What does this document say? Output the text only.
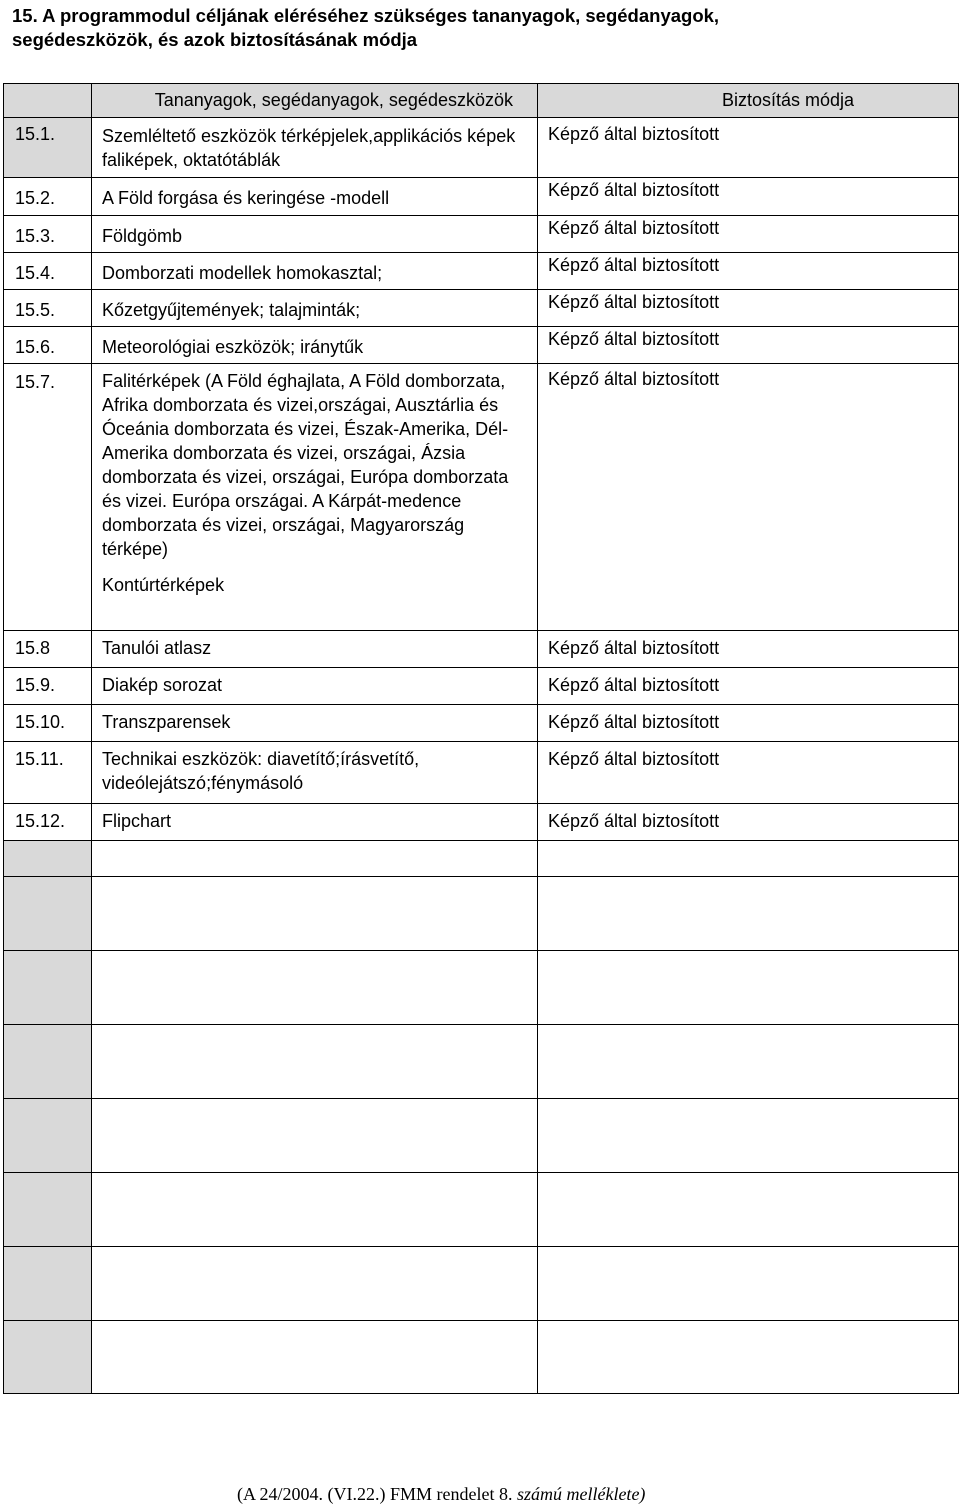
15. A programmodul céljának eléréséhez szükséges tananyagok, segédanyagok,
segédeszközök, és azok biztosításának módja
	Tananyagok, segédanyagok, segédeszközök	Biztosítás módja
15.1.	Szemléltető eszközök térképjelek,applikációs képek faliképek, oktatótáblák	Képző által biztosított
15.2.	A Föld forgása és keringése -modell	Képző által biztosított
15.3.	Földgömb	Képző által biztosított
15.4.	Domborzati modellek homokasztal;	Képző által biztosított
15.5.	Kőzetgyűjtemények; talajminták;	Képző által biztosított
15.6.	Meteorológiai eszközök; iránytűk	Képző által biztosított
15.7.	Falitérképek (A Föld éghajlata, A Föld domborzata, Afrika domborzata és vizei,országai, Ausztárlia és Óceánia domborzata és vizei, Észak-Amerika, Dél-Amerika domborzata és vizei, országai, Ázsia domborzata és vizei, országai, Európa domborzata és vizei. Európa országai. A Kárpát-medence domborzata és vizei, országai, Magyarország térképe)
Kontúrtérképek	Képző által biztosított
15.8	Tanulói atlasz	Képző által biztosított
15.9.	Diakép sorozat	Képző által biztosított
15.10.	Transzparensek	Képző által biztosított
15.11.	Technikai eszközök: diavetítő;írásvetítő, videólejátszó;fénymásoló	Képző által biztosított
15.12.	Flipchart	Képző által biztosított

(A 24/2004. (VI.22.) FMM rendelet 8. számú melléklete)
